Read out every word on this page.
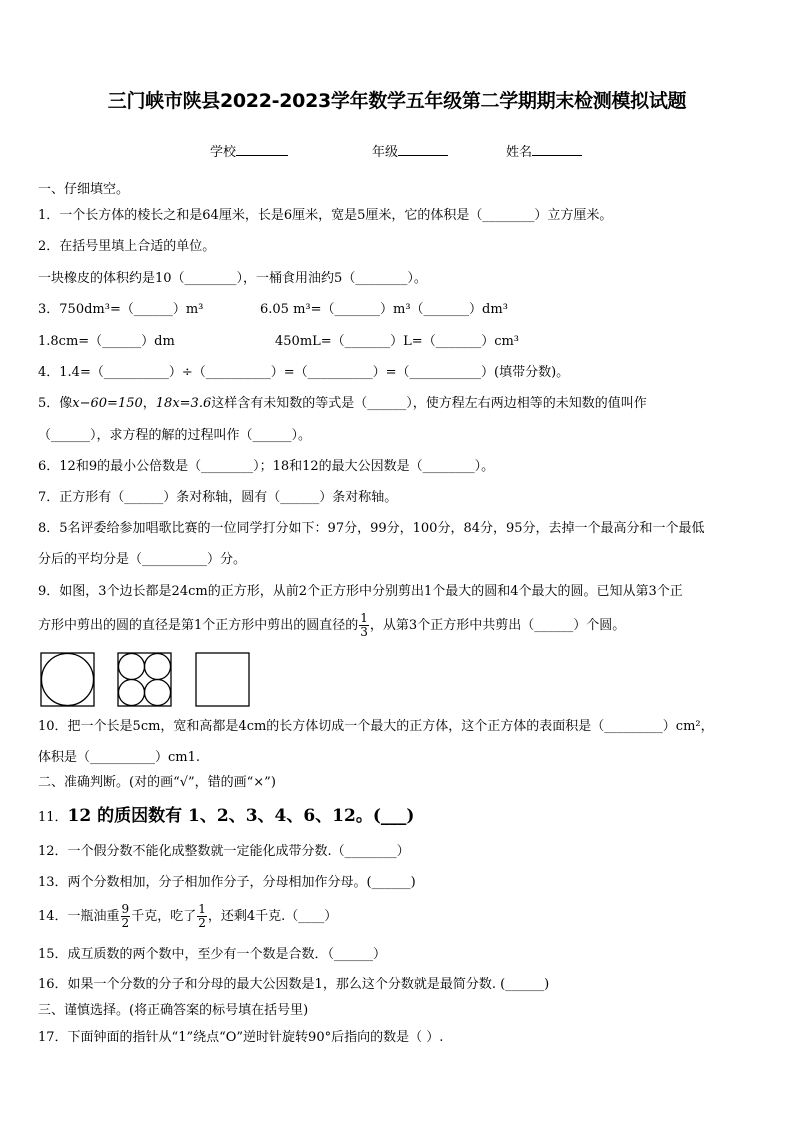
三门峡市陕县2022-2023学年数学五年级第二学期期末检测模拟试题
学校	年级	姓名
一、仔细填空。
1．一个长方体的棱长之和是64厘米，长是6厘米，宽是5厘米，它的体积是（________）立方厘米。
2．在括号里填上合适的单位。
一块橡皮的体积约是10（________），一桶食用油约5（________）。
3．750dm³=（______）m³	6.05 m³=（_______）m³（_______）dm³
1.8cm=（______）dm	450mL=（_______）L=（_______）cm³
4．1.4=（__________）÷（__________）=（__________）=（___________）(填带分数)。
5．像x−60=150，18x=3.6这样含有未知数的等式是（______），使方程左右两边相等的未知数的值叫作
（______），求方程的解的过程叫作（______）。
6．12和9的最小公倍数是（________）；18和12的最大公因数是（________）。
7．正方形有（______）条对称轴，圆有（______）条对称轴。
8．5名评委给参加唱歌比赛的一位同学打分如下：97分，99分，100分，84分，95分，去掉一个最高分和一个最低
分后的平均分是（__________）分。
9．如图，3个边长都是24cm的正方形，从前2个正方形中分别剪出1个最大的圆和4个最大的圆。已知从第3个正
方形中剪出的圆的直径是第1个正方形中剪出的圆直径的 $\frac{1}{3}$ ，从第3个正方形中共剪出（______）个圆。
10．把一个长是5cm，宽和高都是4cm的长方体切成一个最大的正方体，这个正方体的表面积是（_________）cm²，
体积是（__________）cm1.
二、准确判断。(对的画“√”，错的画“×”)
11．12 的质因数有 1、2、3、4、6、12。(___)
12．一个假分数不能化成整数就一定能化成带分数.（________）
13．两个分数相加，分子相加作分子，分母相加作分母。(______)
14．一瓶油重 $\frac{9}{2}$ 千克，吃了 $\frac{1}{2}$ ，还剩4千克.（____）
15．成互质数的两个数中，至少有一个数是合数．（______）
16．如果一个分数的分子和分母的最大公因数是1，那么这个分数就是最简分数. (______)
三、谨慎选择。(将正确答案的标号填在括号里)
17．下面钟面的指针从“1”绕点“O”逆时针旋转90°后指向的数是（ ）.
